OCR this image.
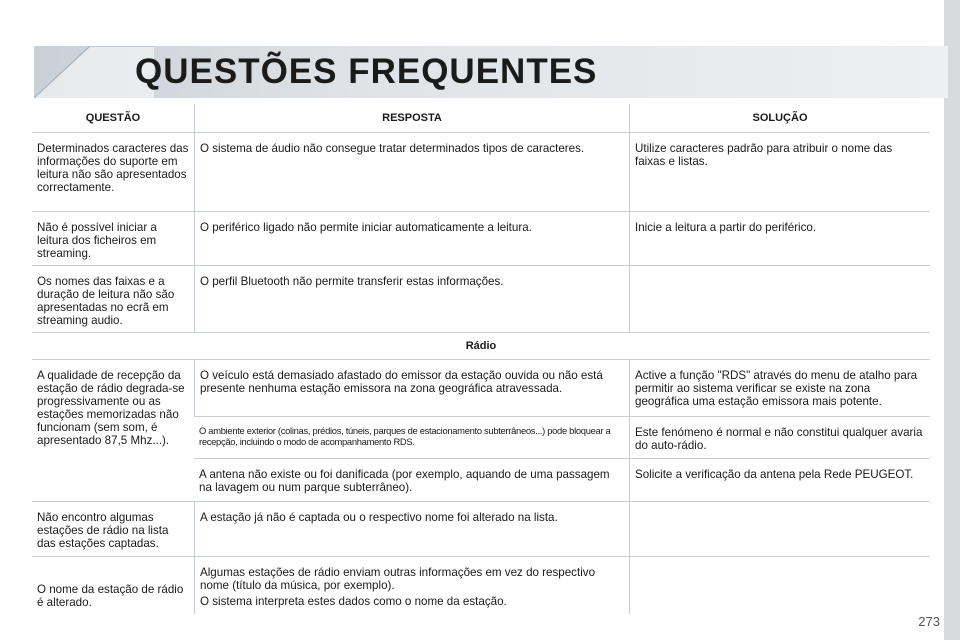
QUESTÕES FREQUENTES
QUESTÃO	RESPOSTA	SOLUÇÃO
Determinados caracteres das informações do suporte em leitura não são apresentados correctamente.	O sistema de áudio não consegue tratar determinados tipos de caracteres.	Utilize caracteres padrão para atribuir o nome das faixas e listas.
Não é possível iniciar a leitura dos ficheiros em streaming.	O periférico ligado não permite iniciar automaticamente a leitura.	Inicie a leitura a partir do periférico.
Os nomes das faixas e a duração de leitura não são apresentadas no ecrã em streaming audio.	O perfil Bluetooth não permite transferir estas informações.	
Rádio		
A qualidade de recepção da estação de rádio degrada-se progressivamente ou as estações memorizadas não funcionam (sem som, é apresentado 87,5 Mhz...).	O veículo está demasiado afastado do emissor da estação ouvida ou não está presente nenhuma estação emissora na zona geográfica atravessada.	Active a função "RDS" através do menu de atalho para permitir ao sistema verificar se existe na zona geográfica uma estação emissora mais potente.
	O ambiente exterior (colinas, prédios, túneis, parques de estacionamento subterrâneos...) pode bloquear a recepção, incluindo o modo de acompanhamento RDS.	Este fenómeno é normal e não constitui qualquer avaria do auto-rádio.
	A antena não existe ou foi danificada (por exemplo, aquando de uma passagem na lavagem ou num parque subterrâneo).	Solicite a verificação da antena pela Rede PEUGEOT.
Não encontro algumas estações de rádio na lista das estações captadas.	A estação já não é captada ou o respectivo nome foi alterado na lista.	
O nome da estação de rádio é alterado.	Algumas estações de rádio enviam outras informações em vez do respectivo nome (título da música, por exemplo).

O sistema interpreta estes dados como o nome da estação.	

273
